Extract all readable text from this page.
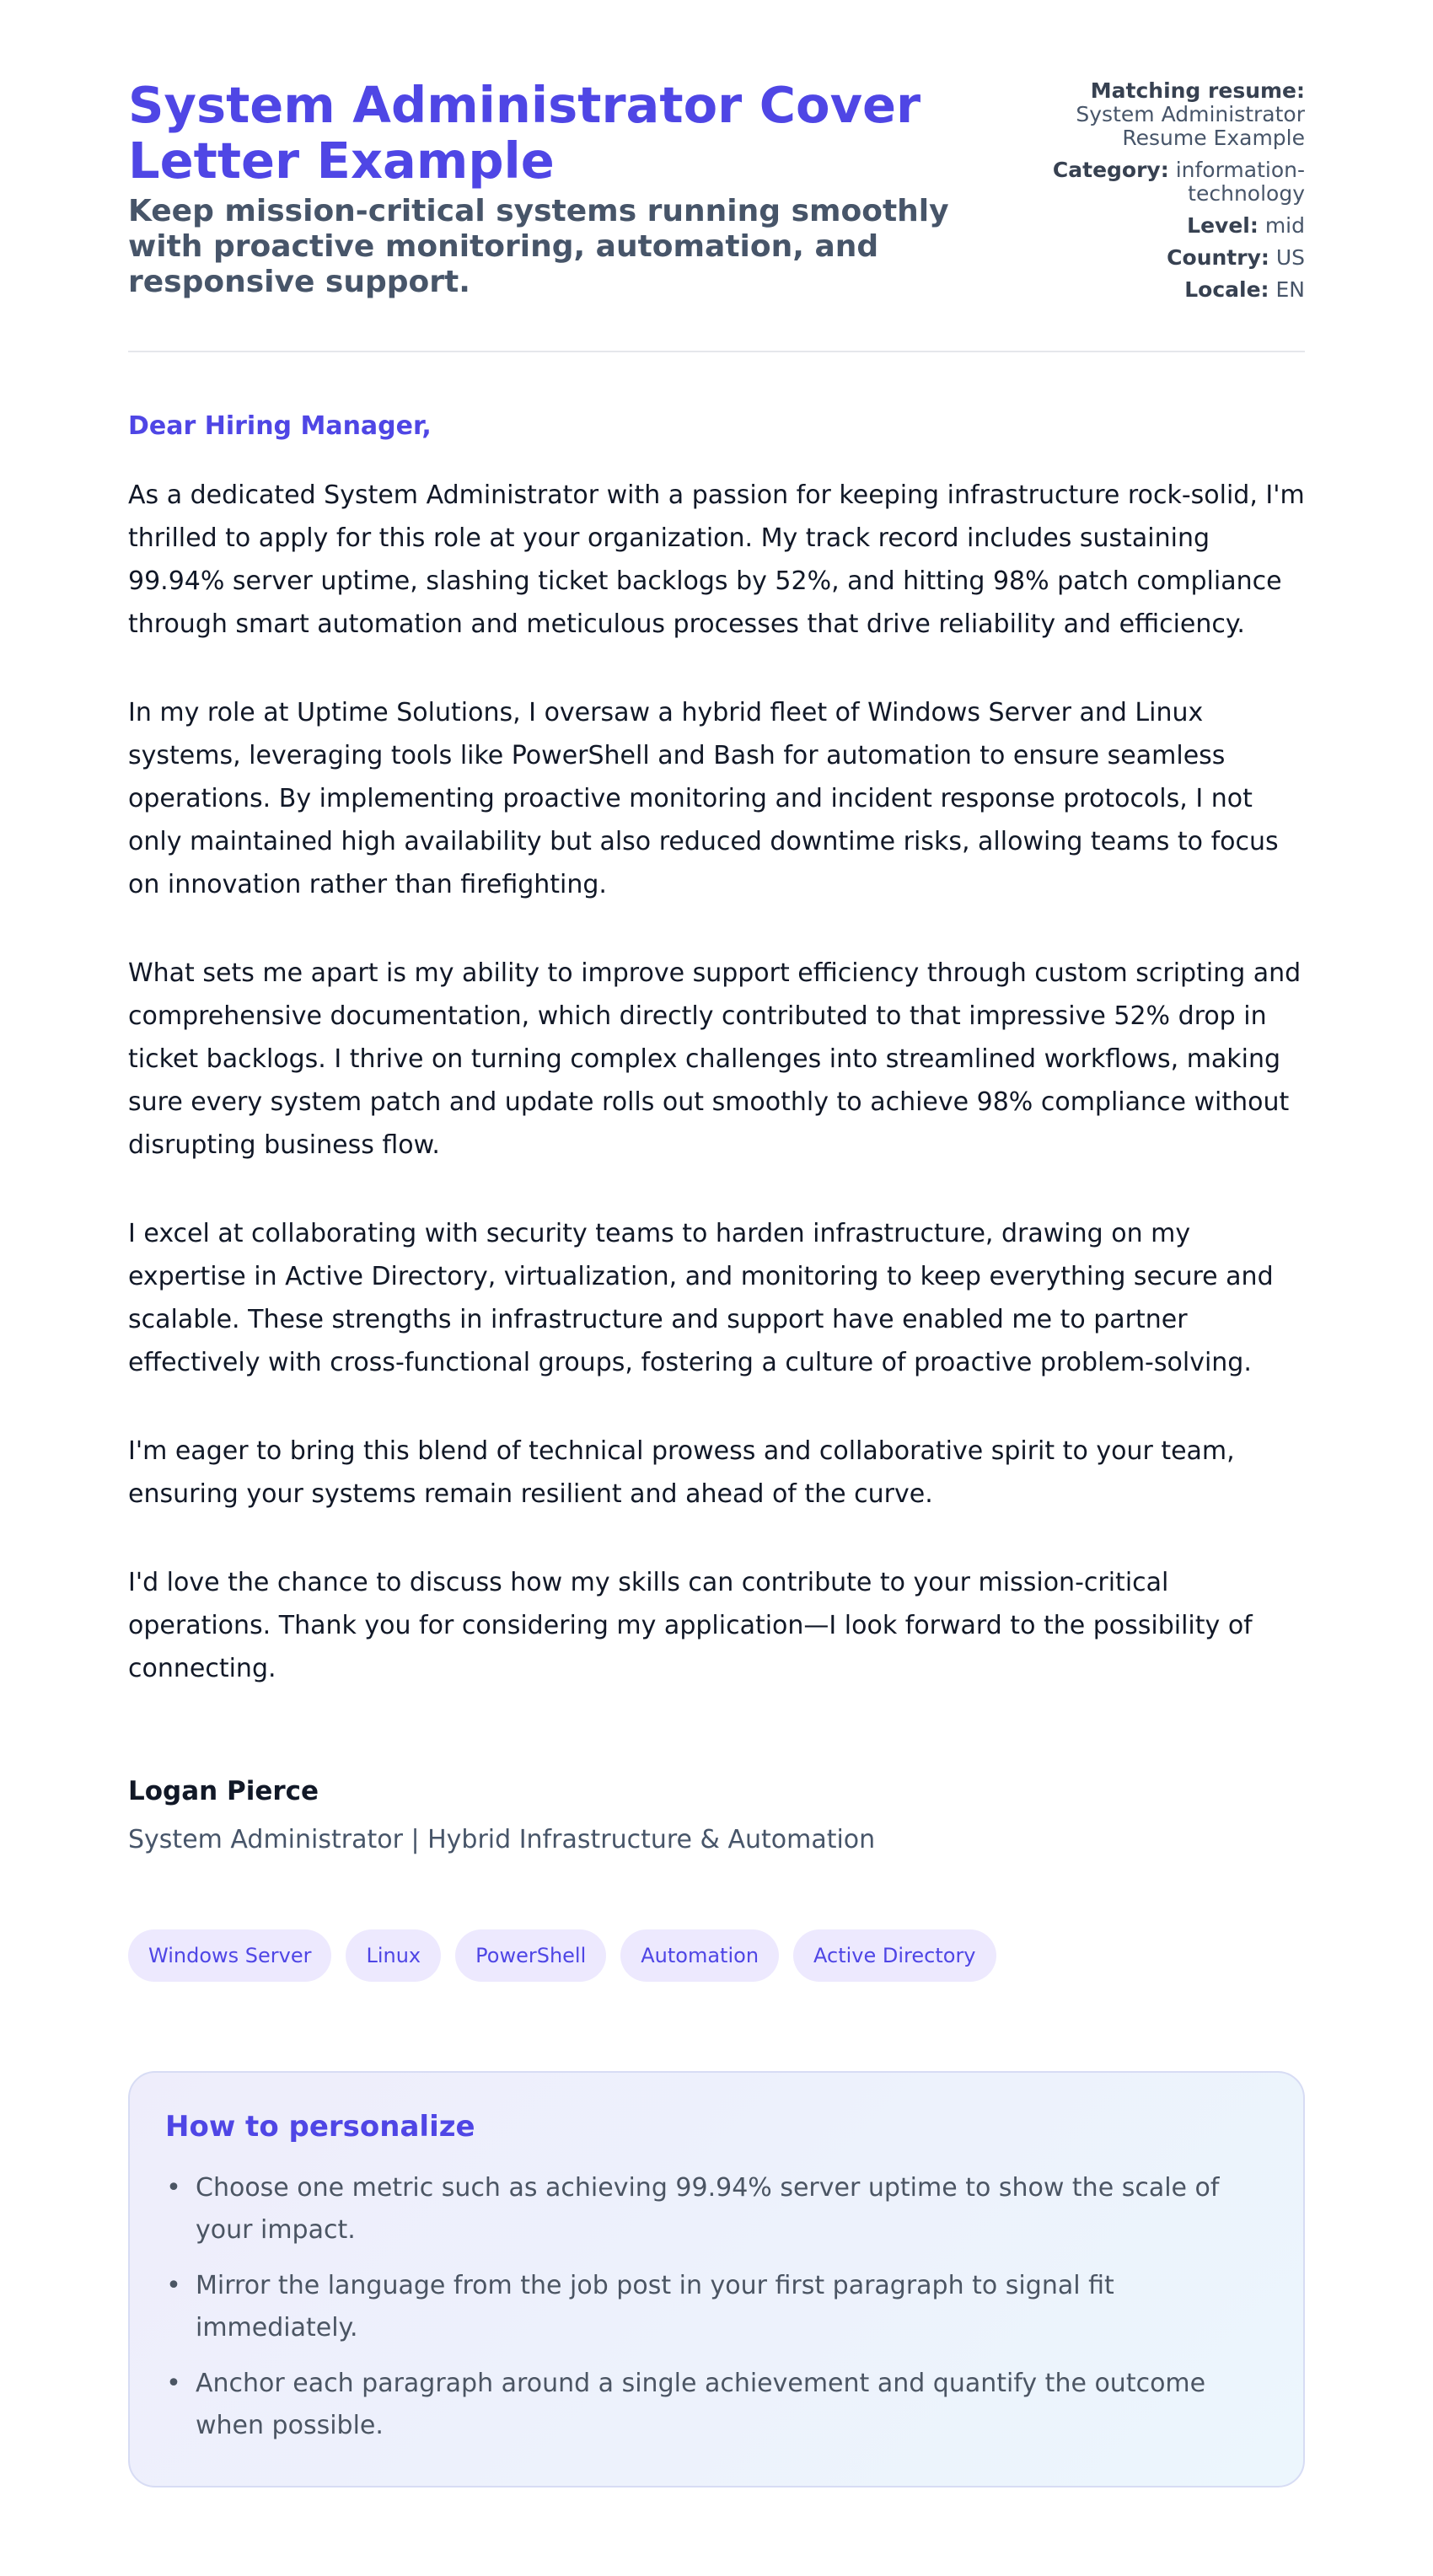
System Administrator Cover Letter Example

Keep mission-critical systems running smoothly with proactive monitoring, automation, and responsive support.

Matching resume: System Administrator Resume Example
Category: information-technology
Level: mid
Country: US
Locale: EN

Dear Hiring Manager,

As a dedicated System Administrator with a passion for keeping infrastructure rock-solid, I'm thrilled to apply for this role at your organization. My track record includes sustaining 99.94% server uptime, slashing ticket backlogs by 52%, and hitting 98% patch compliance through smart automation and meticulous processes that drive reliability and efficiency.

In my role at Uptime Solutions, I oversaw a hybrid fleet of Windows Server and Linux systems, leveraging tools like PowerShell and Bash for automation to ensure seamless operations. By implementing proactive monitoring and incident response protocols, I not only maintained high availability but also reduced downtime risks, allowing teams to focus on innovation rather than firefighting.

What sets me apart is my ability to improve support efficiency through custom scripting and comprehensive documentation, which directly contributed to that impressive 52% drop in ticket backlogs. I thrive on turning complex challenges into streamlined workflows, making sure every system patch and update rolls out smoothly to achieve 98% compliance without disrupting business flow.

I excel at collaborating with security teams to harden infrastructure, drawing on my expertise in Active Directory, virtualization, and monitoring to keep everything secure and scalable. These strengths in infrastructure and support have enabled me to partner effectively with cross-functional groups, fostering a culture of proactive problem-solving.

I'm eager to bring this blend of technical prowess and collaborative spirit to your team, ensuring your systems remain resilient and ahead of the curve.

I'd love the chance to discuss how my skills can contribute to your mission-critical operations. Thank you for considering my application—I look forward to the possibility of connecting.

Logan Pierce

System Administrator | Hybrid Infrastructure & Automation

Windows Server	Linux	PowerShell	Automation	Active Directory
How to personalize
• Choose one metric such as achieving 99.94% server uptime to show the scale of your impact.
• Mirror the language from the job post in your first paragraph to signal fit immediately.
• Anchor each paragraph around a single achievement and quantify the outcome when possible.
